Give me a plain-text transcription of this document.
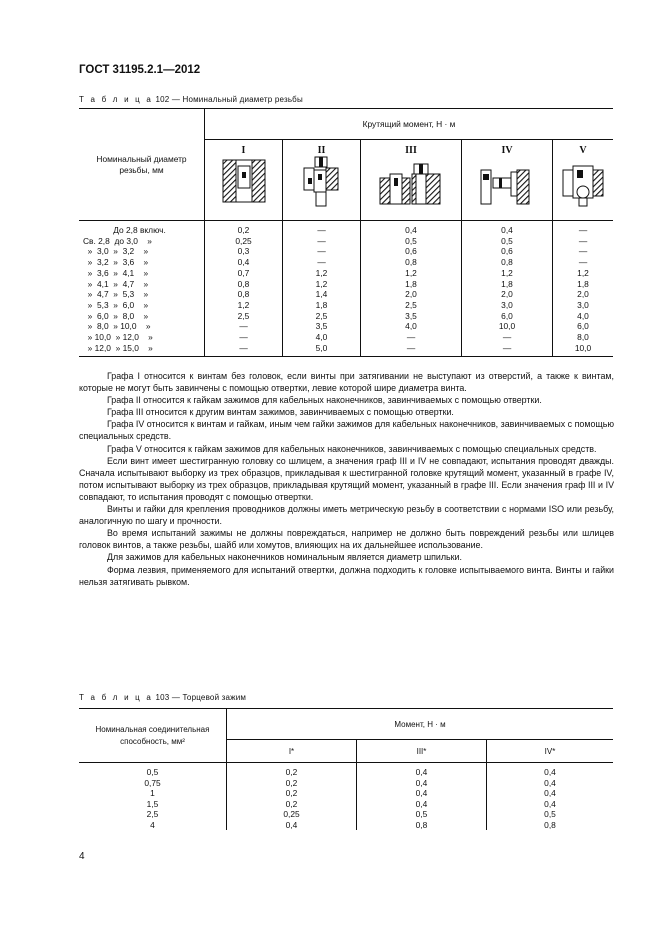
ГОСТ 31195.2.1—2012
Т а б л и ц а 102 — Номинальный диаметр резьбы
Номинальный диаметр резьбы, мм	Крутящий момент, Н · м				

	I	II	III	IV	V

До 2,8 включ.	0,2	—	0,4	0,4	—
Св. 2,8  до 3,0    »	0,25	—	0,5	0,5	—
»  3,0  »  3,2    »	0,3	—	0,6	0,6	—
»  3,2  »  3,6    »	0,4	—	0,8	0,8	—
»  3,6  »  4,1    »	0,7	1,2	1,2	1,2	1,2
»  4,1  »  4,7    »	0,8	1,2	1,8	1,8	1,8
»  4,7  »  5,3    »	0,8	1,4	2,0	2,0	2,0
»  5,3  »  6,0    »	1,2	1,8	2,5	3,0	3,0
»  6,0  »  8,0    »	2,5	2,5	3,5	6,0	4,0
»  8,0  » 10,0    »	—	3,5	4,0	10,0	6,0
» 10,0  » 12,0    »	—	4,0	—	—	8,0
» 12,0  » 15,0    »	—	5,0	—	—	10,0

Графа I относится к винтам без головок, если винты при затягивании не выступают из отверстий, а также к винтам, которые не могут быть завинчены с помощью отвертки, левие которой шире диаметра винта.

Графа II относится к гайкам зажимов для кабельных наконечников, завинчиваемых с помощью отвертки.

Графа III относится к другим винтам зажимов, завинчиваемых с помощью отвертки.

Графа IV относится к винтам и гайкам, иным чем гайки зажимов для кабельных наконечников, завинчиваемых с помощью специальных средств.

Графа V относится к гайкам зажимов для кабельных наконечников, завинчиваемых с помощью специальных средств.

Если винт имеет шестигранную головку со шлицем, а значения граф III и IV не совпадают, испытания проводят дважды. Сначала испытывают выборку из трех образцов, прикладывая к шестигранной головке крутящий момент, указанный в графе IV, потом испытывают выборку из трех образцов, прикладывая крутящий момент, указанный в графе III. Если значения граф III и IV совпадают, то испытания проводят с помощью отвертки.

Винты и гайки для крепления проводников должны иметь метрическую резьбу в соответствии с нормами ISO или резьбу, аналогичную по шагу и прочности.

Во время испытаний зажимы не должны повреждаться, например не должно быть повреждений резьбы или шлицев головок винтов, а также резьбы, шайб или хомутов, влияющих на их дальнейшее использование.

Для зажимов для кабельных наконечников номинальным является диаметр шпильки.

Форма лезвия, применяемого для испытаний отвертки, должна подходить к головке испытываемого винта. Винты и гайки нельзя затягивать рывком.

Т а б л и ц а 103 — Торцевой зажим
Номинальная соединительная
способность, мм²	Момент, Н · м		
	I*	III*	IV*
0,5	0,2	0,4	0,4
0,75	0,2	0,4	0,4
1	0,2	0,4	0,4
1,5	0,2	0,4	0,4
2,5	0,25	0,5	0,5
4	0,4	0,8	0,8
4
